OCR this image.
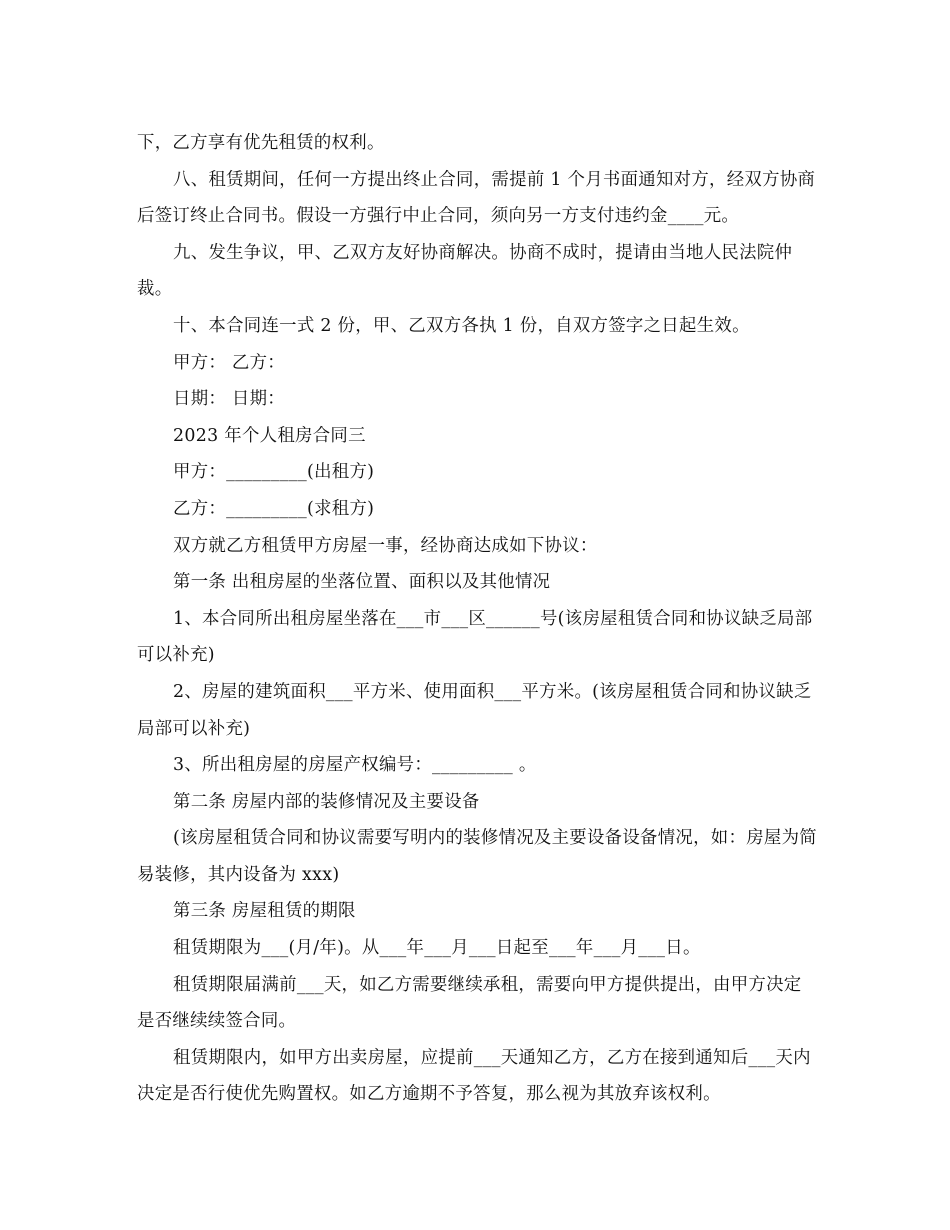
下，乙方享有优先租赁的权利。

八、租赁期间，任何一方提出终止合同，需提前 1 个月书面通知对方，经双方协商后签订终止合同书。假设一方强行中止合同，须向另一方支付违约金____元。

九、发生争议，甲、乙双方友好协商解决。协商不成时，提请由当地人民法院仲裁。

十、本合同连一式 2 份，甲、乙双方各执 1 份，自双方签字之日起生效。

甲方： 乙方：

日期： 日期：

2023 年个人租房合同三

甲方：_________(出租方)

乙方：_________(求租方)

双方就乙方租赁甲方房屋一事，经协商达成如下协议：

第一条 出租房屋的坐落位置、面积以及其他情况

1、本合同所出租房屋坐落在___市___区______号(该房屋租赁合同和协议缺乏局部可以补充)

2、房屋的建筑面积___平方米、使用面积___平方米。(该房屋租赁合同和协议缺乏局部可以补充)

3、所出租房屋的房屋产权编号：_________ 。

第二条 房屋内部的装修情况及主要设备

(该房屋租赁合同和协议需要写明内的装修情况及主要设备设备情况，如：房屋为简易装修，其内设备为 xxx)

第三条 房屋租赁的期限

租赁期限为___(月/年)。从___年___月___日起至___年___月___日。

租赁期限届满前___天，如乙方需要继续承租，需要向甲方提供提出，由甲方决定是否继续续签合同。

租赁期限内，如甲方出卖房屋，应提前___天通知乙方，乙方在接到通知后___天内决定是否行使优先购置权。如乙方逾期不予答复，那么视为其放弃该权利。
